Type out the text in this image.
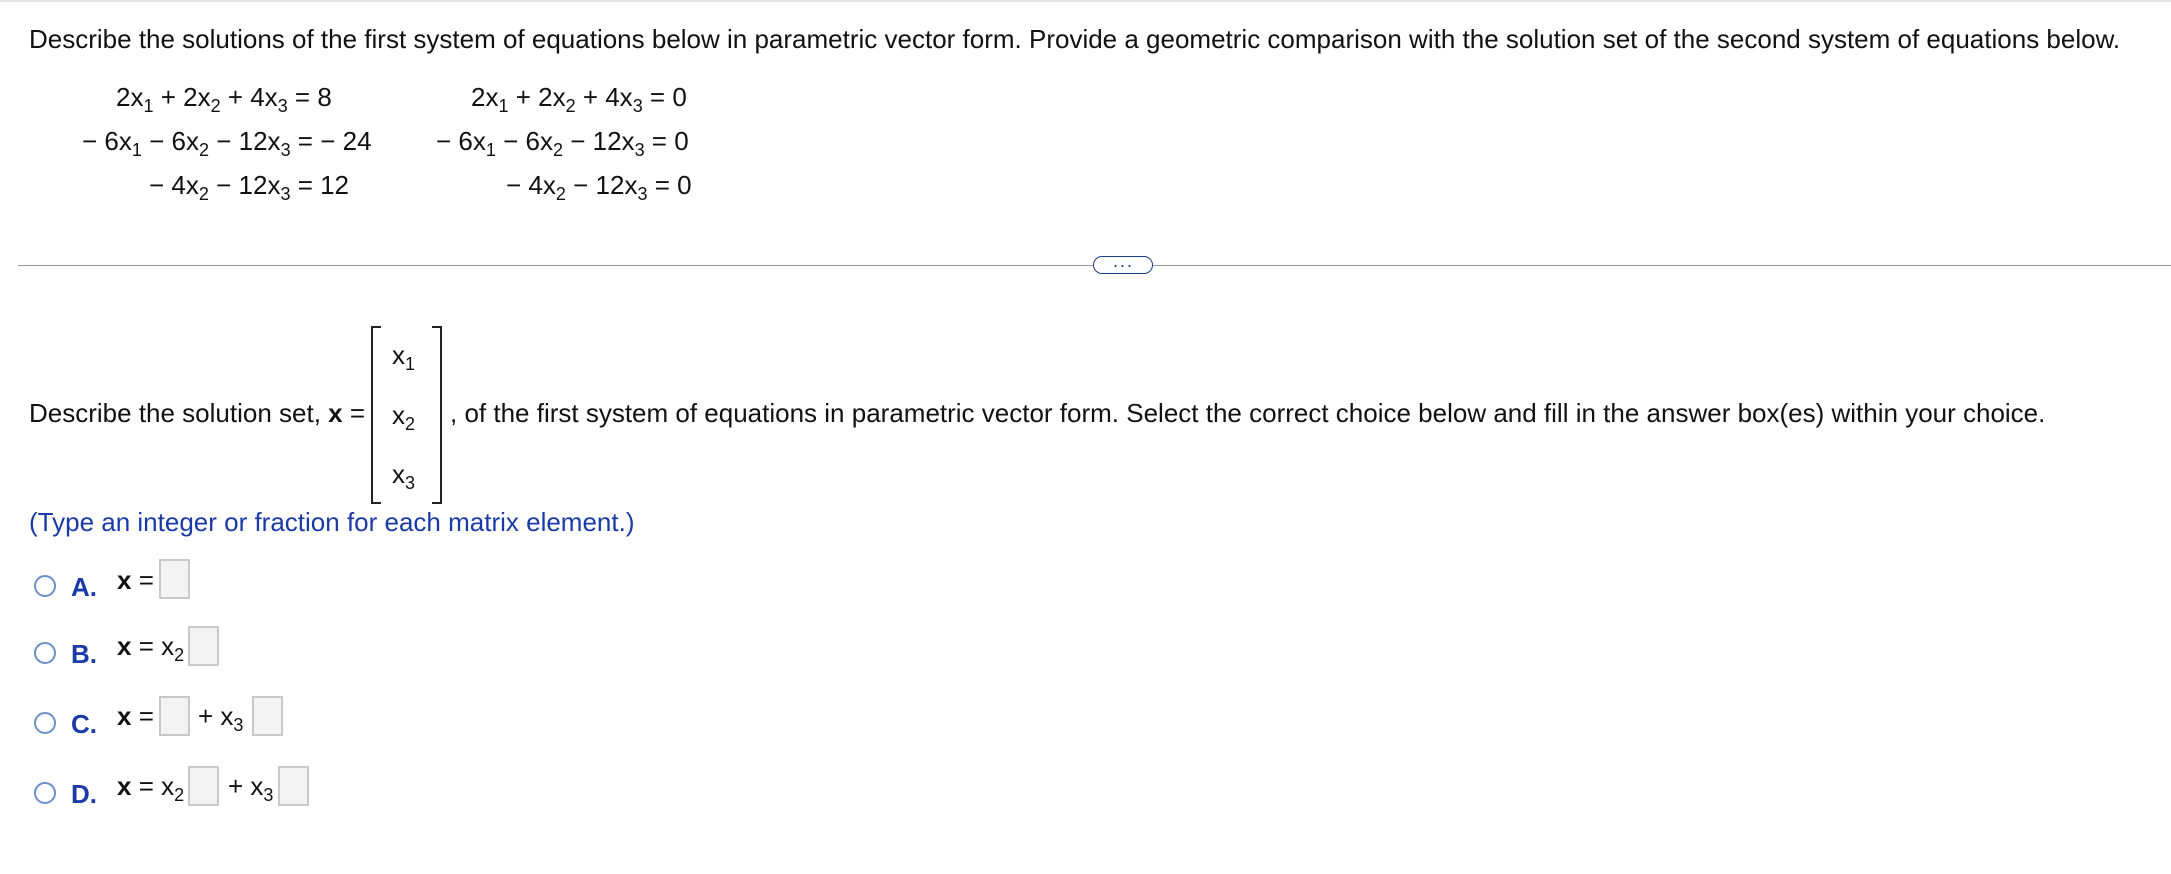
Describe the solutions of the first system of equations below in parametric vector form. Provide a geometric comparison with the solution set of the second system of equations below.
$2x_1 + 2x_2 + 4x_3 = 8$
− $6x_1 - 6x_2 - 12x_3$ = − 24
− $4x_2 - 12x_3 = 12$
$2x_1 + 2x_2 + 4x_3 = 0$
− $6x_1 - 6x_2 - 12x_3 = 0$
− $4x_2 - 12x_3 = 0$
···
Describe the solution set, x =
$x_1$
$x_2$
$x_3$
, of the first system of equations in parametric vector form. Select the correct choice below and fill in the answer box(es) within your choice.
(Type an integer or fraction for each matrix element.)
A. x =
B. $x = x_2$
C. x = + $x_3$
D. $x = x_2 + x_3$
